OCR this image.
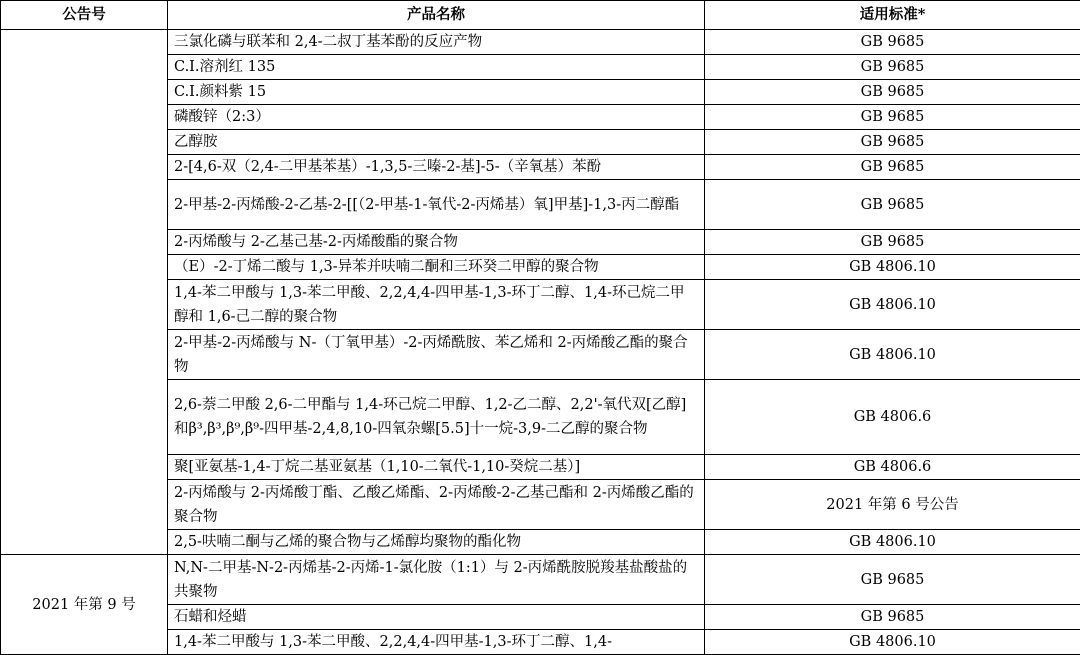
公告号	产品名称	适用标准*
	三氯化磷与联苯和 2,4-二叔丁基苯酚的反应产物	GB 9685
	C.I.溶剂红 135	GB 9685
	C.I.颜料紫 15	GB 9685
	磷酸锌（2:3）	GB 9685
	乙醇胺	GB 9685
	2-[4,6-双（2,4-二甲基苯基）-1,3,5-三嗪-2-基]-5-（辛氧基）苯酚	GB 9685
	2-甲基-2-丙烯酸-2-乙基-2-[[（2-甲基-1-氧代-2-丙烯基）氧]甲基]-1,3-丙二醇酯	GB 9685
	2-丙烯酸与 2-乙基己基-2-丙烯酸酯的聚合物	GB 9685
	（E）-2-丁烯二酸与 1,3-异苯并呋喃二酮和三环癸二甲醇的聚合物	GB 4806.10
	1,4-苯二甲酸与 1,3-苯二甲酸、2,2,4,4-四甲基-1,3-环丁二醇、1,4-环己烷二甲醇和 1,6-己二醇的聚合物	GB 4806.10
	2-甲基-2-丙烯酸与 N-（丁氧甲基）-2-丙烯酰胺、苯乙烯和 2-丙烯酸乙酯的聚合物	GB 4806.10
	2,6-萘二甲酸 2,6-二甲酯与 1,4-环己烷二甲醇、1,2-乙二醇、2,2'-氧代双[乙醇]和β³,β³,β⁹,β⁹-四甲基-2,4,8,10-四氧杂螺[5.5]十一烷-3,9-二乙醇的聚合物	GB 4806.6
	聚[亚氨基-1,4-丁烷二基亚氨基（1,10-二氧代-1,10-癸烷二基）]	GB 4806.6
	2-丙烯酸与 2-丙烯酸丁酯、乙酸乙烯酯、2-丙烯酸-2-乙基己酯和 2-丙烯酸乙酯的聚合物	2021 年第 6 号公告
	2,5-呋喃二酮与乙烯的聚合物与乙烯醇均聚物的酯化物	GB 4806.10
2021 年第 9 号	N,N-二甲基-N-2-丙烯基-2-丙烯-1-氯化胺（1:1）与 2-丙烯酰胺脱羧基盐酸盐的共聚物	GB 9685
	石蜡和烃蜡	GB 9685
	1,4-苯二甲酸与 1,3-苯二甲酸、2,2,4,4-四甲基-1,3-环丁二醇、1,4-	GB 4806.10
